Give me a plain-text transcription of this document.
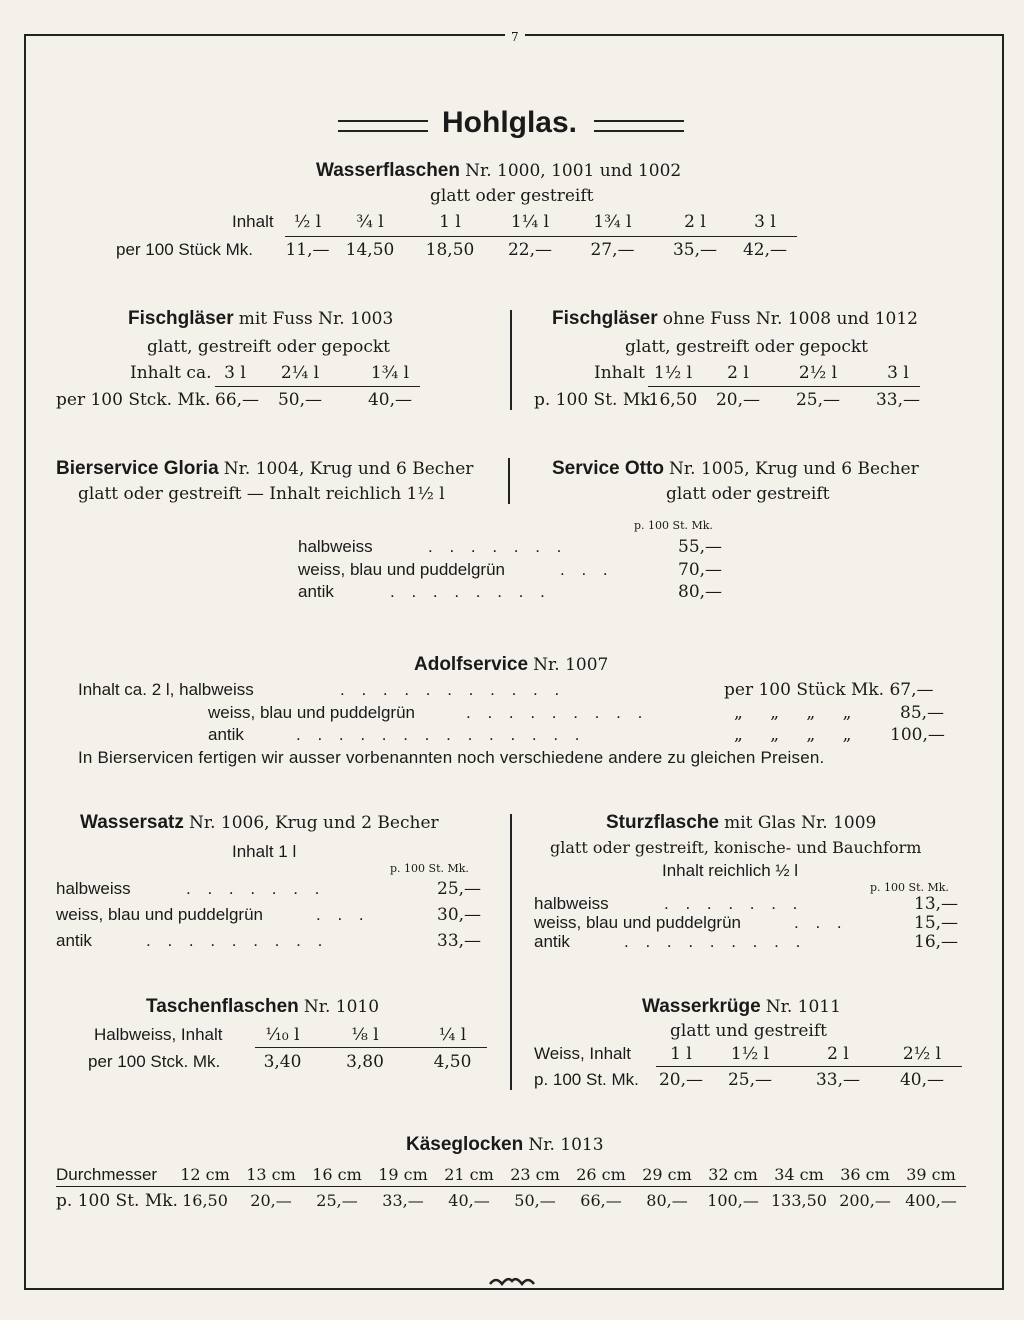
7
Hohlglas.
Wasserflaschen Nr. 1000, 1001 und 1002
glatt oder gestreift
Inhalt	½ l	¾ l	1 l	1¼ l	1¾ l	2 l	3 l
per 100 Stück Mk. 11,— 14,50	18,50	22,—	27,—	35,—	42,—
Fischgläser mit Fuss Nr. 1003
glatt, gestreift oder gepockt
Inhalt ca. 3 l	2¼ l	1¾ l
per 100 Stck. Mk. 66,—	50,—	40,—
Fischgläser ohne Fuss Nr. 1008 und 1012
glatt, gestreift oder gepockt
Inhalt 1½ l	2 l	2½ l	3 l
p. 100 St. Mk.
16,50	20,—	25,—	33,—
Bierservice Gloria Nr. 1004, Krug und 6 Becher
glatt oder gestreift — Inhalt reichlich 1½ l
Service Otto Nr. 1005, Krug und 6 Becher
glatt oder gestreift
p. 100 St. Mk.
halbweiss	. . . . . . .	55,—
weiss, blau und puddelgrün	. . .	70,—
antik	. . . . . . . .	80,—
Adolfservice Nr. 1007
Inhalt ca. 2 l, halbweiss	. . . . . . . . . . .	per 100 Stück Mk. 67,—
weiss, blau und puddelgrün	. . . . . . . . .	„ „ „ „	85,—
antik	. . . . . . . . . . . . . .	„ „ „ „ 100,—
In Bierservicen fertigen wir ausser vorbenannten noch verschiedene andere zu gleichen Preisen.
Wassersatz Nr. 1006, Krug und 2 Becher
Inhalt 1 l
p. 100 St. Mk.
halbweiss	. . . . . . .	25,—
weiss, blau und puddelgrün	. . .	30,—
antik	. . . . . . . . .	33,—
Sturzflasche mit Glas Nr. 1009
glatt oder gestreift, konische- und Bauchform
Inhalt reichlich ½ l
p. 100 St. Mk.
halbweiss	. . . . . . .	13,—
weiss, blau und puddelgrün	. . .	15,—
antik	. . . . . . . . .	16,—
Taschenflaschen Nr. 1010
Halbweiss, Inhalt	⅒ l	⅛ l	¼ l
per 100 Stck. Mk.	3,40	3,80	4,50
Wasserkrüge Nr. 1011
glatt und gestreift
Weiss, Inhalt	1 l	1½ l	2 l	2½ l
p. 100 St. Mk. 20,—	25,—	33,—	40,—
Käseglocken Nr. 1013
Durchmesser	12 cm	13 cm	16 cm	19 cm	21 cm	23 cm	26 cm	29 cm	32 cm	34 cm	36 cm	39 cm
p. 100 St. Mk. 16,50	20,—	25,—	33,—	40,—	50,—	66,—	80,—	100,— 133,50 200,— 400,—
